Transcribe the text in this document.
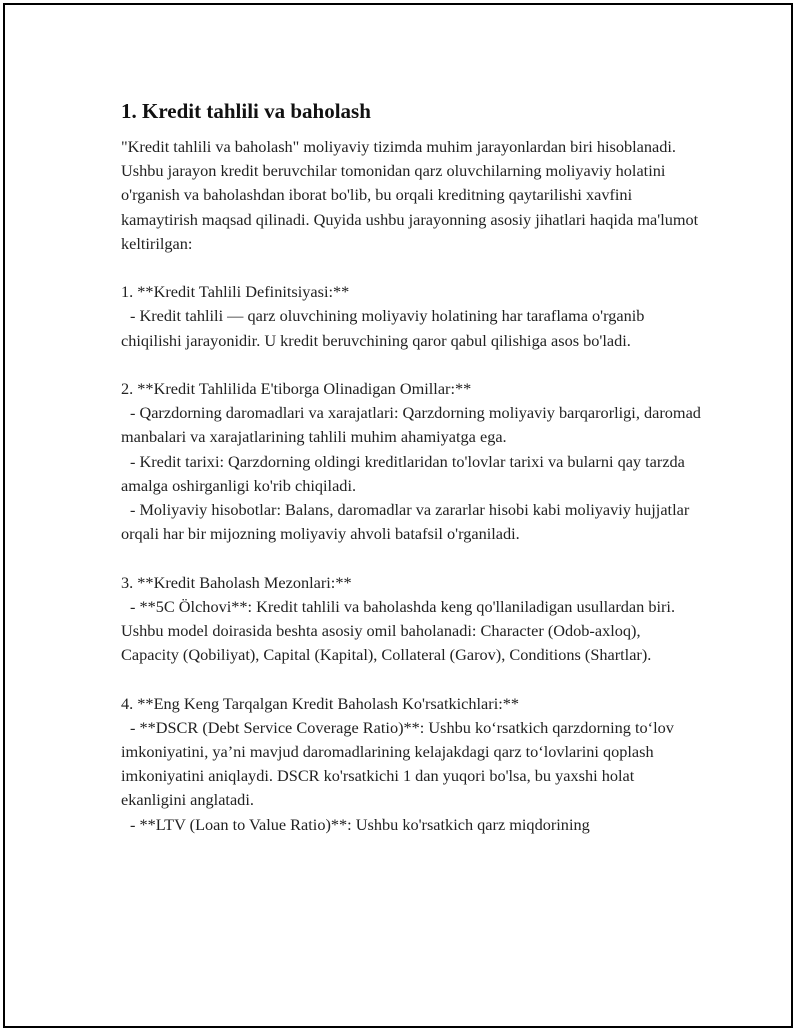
1. Kredit tahlili va baholash

"Kredit tahlili va baholash" moliyaviy tizimda muhim jarayonlardan biri hisoblanadi. Ushbu jarayon kredit beruvchilar tomonidan qarz oluvchilarning moliyaviy holatini o'rganish va baholashdan iborat bo'lib, bu orqali kreditning qaytarilishi xavfini kamaytirish maqsad qilinadi. Quyida ushbu jarayonning asosiy jihatlari haqida ma'lumot keltirilgan:

1. **Kredit Tahlili Definitsiyasi:**

- Kredit tahlili — qarz oluvchining moliyaviy holatining har taraflama o'rganib chiqilishi jarayonidir. U kredit beruvchining qaror qabul qilishiga asos bo'ladi.

2. **Kredit Tahlilida E'tiborga Olinadigan Omillar:**

- Qarzdorning daromadlari va xarajatlari: Qarzdorning moliyaviy barqarorligi, daromad manbalari va xarajatlarining tahlili muhim ahamiyatga ega.

- Kredit tarixi: Qarzdorning oldingi kreditlaridan to'lovlar tarixi va bularni qay tarzda amalga oshirganligi ko'rib chiqiladi.

- Moliyaviy hisobotlar: Balans, daromadlar va zararlar hisobi kabi moliyaviy hujjatlar orqali har bir mijozning moliyaviy ahvoli batafsil o'rganiladi.

3. **Kredit Baholash Mezonlari:**

- **5C Ölchovi**: Kredit tahlili va baholashda keng qo'llaniladigan usullardan biri. Ushbu model doirasida beshta asosiy omil baholanadi: Character (Odob-axloq), Capacity (Qobiliyat), Capital (Kapital), Collateral (Garov), Conditions (Shartlar).

4. **Eng Keng Tarqalgan Kredit Baholash Ko'rsatkichlari:**

- **DSCR (Debt Service Coverage Ratio)**: Ushbu ko‘rsatkich qarzdorning to‘lov imkoniyatini, ya’ni mavjud daromadlarining kelajakdagi qarz to‘lovlarini qoplash imkoniyatini aniqlaydi. DSCR ko'rsatkichi 1 dan yuqori bo'lsa, bu yaxshi holat ekanligini anglatadi.

- **LTV (Loan to Value Ratio)**: Ushbu ko'rsatkich qarz miqdorining
